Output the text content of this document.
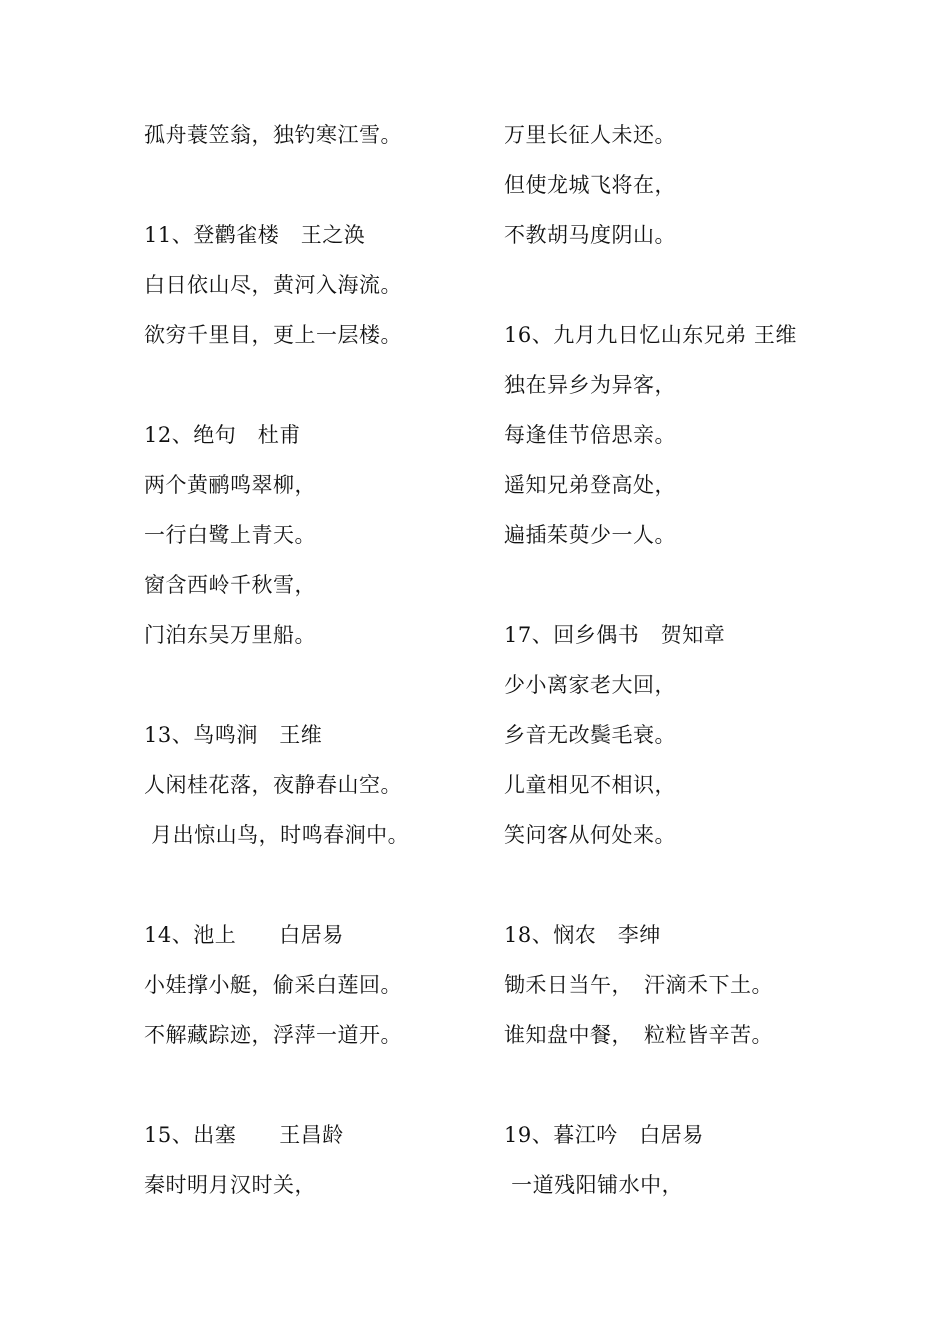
孤舟蓑笠翁，独钓寒江雪。
11、登鹳雀楼　王之涣
白日依山尽，黄河入海流。
欲穷千里目，更上一层楼。
12、绝句　杜甫
两个黄鹂鸣翠柳，
一行白鹭上青天。
窗含西岭千秋雪，
门泊东吴万里船。
13、鸟鸣涧　王维
人闲桂花落，夜静春山空。
月出惊山鸟，时鸣春涧中。
14、池上　　白居易
小娃撑小艇，偷采白莲回。
不解藏踪迹，浮萍一道开。
15、出塞　　王昌龄
秦时明月汉时关，
万里长征人未还。
但使龙城飞将在，
不教胡马度阴山。
16、九月九日忆山东兄弟 王维
独在异乡为异客，
每逢佳节倍思亲。
遥知兄弟登高处，
遍插茱萸少一人。
17、回乡偶书　贺知章
少小离家老大回，
乡音无改鬓毛衰。
儿童相见不相识，
笑问客从何处来。
18、悯农　李绅
锄禾日当午，　汗滴禾下土。
谁知盘中餐，　粒粒皆辛苦。
19、暮江吟　白居易
一道残阳铺水中，
